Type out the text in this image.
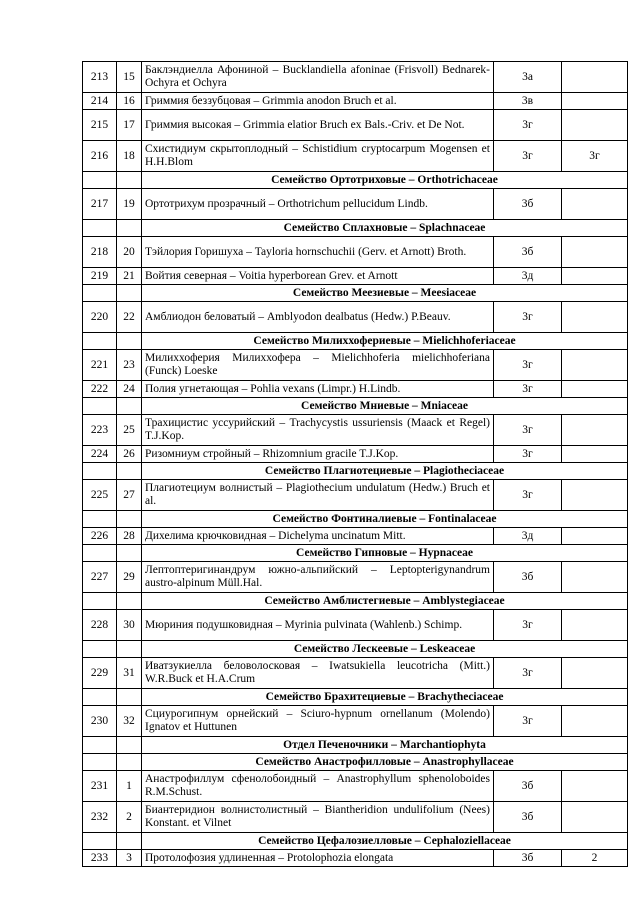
213	15	Баклэндиелла Афониной – Bucklandiella afoninae (Frisvoll) Bednarek-Ochyra et Ochyra	3а	
214	16	Гриммия беззубцовая – Grimmia anodon Bruch et al.	3в	
215	17	Гриммия высокая – Grimmia elatior Bruch ex Bals.-Criv. et De Not.	3г	
216	18	Схистидиум скрытоплодный – Schistidium cryptocarpum Mogensen et H.H.Blom	3г	3г
		Семейство Ортотриховые – Orthotrichaceae		
217	19	Ортотрихум прозрачный – Orthotrichum pellucidum Lindb.	3б	
		Семейство Сплахновые – Splachnaceae		
218	20	Тэйлория Горишуха – Tayloria hornschuchii (Gerv. et Arnott) Broth.	3б	
219	21	Войтия северная – Voitia hyperborean Grev. et Arnott	3д	
		Семейство Меезиевые – Meesiaceae		
220	22	Амблиодон беловатый – Amblyodon dealbatus (Hedw.) P.Beauv.	3г	
		Семейство Милиххофериевые – Mielichhoferiaceae		
221	23	Милиххоферия Милиххофера – Mielichhoferia mielichhoferiana (Funck) Loeske	3г	
222	24	Полия угнетающая – Pohlia vexans (Limpr.) H.Lindb.	3г	
		Семейство Мниевые – Mniaceae		
223	25	Трахицистис уссурийский – Trachycystis ussuriensis (Maack et Regel) T.J.Kop.	3г	
224	26	Ризомниум стройный – Rhizomnium gracile T.J.Kop.	3г	
		Семейство Плагиотециевые – Plagiotheciaceae		
225	27	Плагиотециум волнистый – Plagiothecium undulatum (Hedw.) Bruch et al.	3г	
		Семейство Фонтиналиевые – Fontinalaceae		
226	28	Дихелима крючковидная – Dichelyma uncinatum Mitt.	3д	
		Семейство Гипновые – Hypnaceae		
227	29	Лептоптеригинандрум южно-альпийский – Leptopterigynandrum austro-alpinum Müll.Hal.	3б	
		Семейство Амблистегиевые – Amblystegiaceae		
228	30	Мюриния подушковидная – Myrinia pulvinata (Wahlenb.) Schimp.	3г	
		Семейство Лескеевые – Leskeaceae		
229	31	Иватзукиелла беловолосковая – Iwatsukiella leucotricha (Mitt.) W.R.Buck et H.A.Crum	3г	
		Семейство Брахитециевые – Brachytheciaceae		
230	32	Сциурогипнум орнейский – Sciuro-hypnum ornellanum (Molendo) Ignatov et Huttunen	3г	
		Отдел Печеночники – Marchantiophyta		
		Семейство Анастрофилловые – Anastrophyllaceae		
231	1	Анастрофиллум сфенолобоидный – Anastrophyllum sphenoloboides R.M.Schust.	3б	
232	2	Биантеридион волнистолистный – Biantheridion undulifolium (Nees) Konstant. et Vilnet	3б	
		Семейство Цефалозиелловые – Cephaloziellaceae		
233	3	Протолофозия удлиненная – Protolophozia elongata	3б	2
